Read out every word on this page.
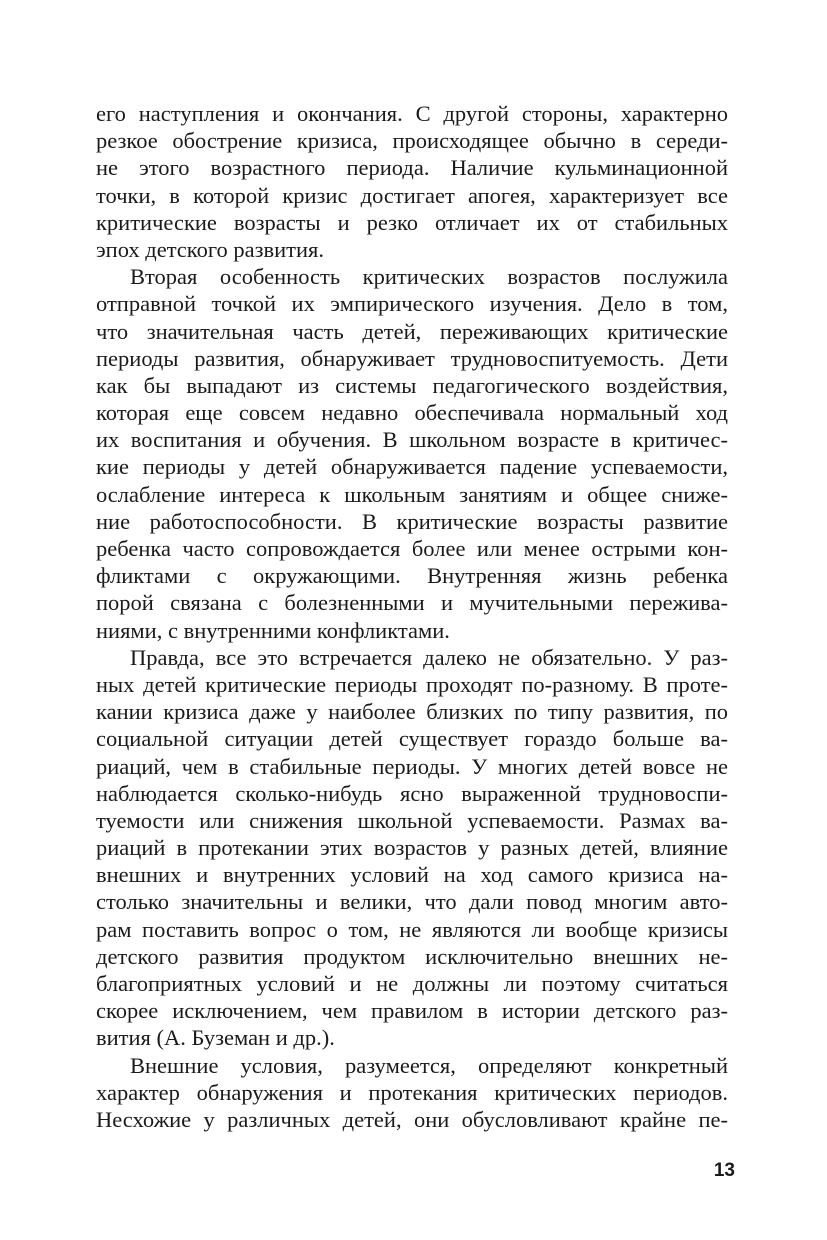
его наступления и окончания. С другой стороны, характерно
резкое обострение кризиса, происходящее обычно в середи-
не этого возрастного периода. Наличие кульминационной
точки, в которой кризис достигает апогея, характеризует все
критические возрасты и резко отличает их от стабильных
эпох детского развития.
Вторая особенность критических возрастов послужила
отправной точкой их эмпирического изучения. Дело в том,
что значительная часть детей, переживающих критические
периоды развития, обнаруживает трудновоспитуемость. Дети
как бы выпадают из системы педагогического воздействия,
которая еще совсем недавно обеспечивала нормальный ход
их воспитания и обучения. В школьном возрасте в критичес-
кие периоды у детей обнаруживается падение успеваемости,
ослабление интереса к школьным занятиям и общее сниже-
ние работоспособности. В критические возрасты развитие
ребенка часто сопровождается более или менее острыми кон-
фликтами с окружающими. Внутренняя жизнь ребенка
порой связана с болезненными и мучительными пережива-
ниями, с внутренними конфликтами.
Правда, все это встречается далеко не обязательно. У раз-
ных детей критические периоды проходят по-разному. В проте-
кании кризиса даже у наиболее близких по типу развития, по
социальной ситуации детей существует гораздо больше ва-
риаций, чем в стабильные периоды. У многих детей вовсе не
наблюдается сколько-нибудь ясно выраженной трудновоспи-
туемости или снижения школьной успеваемости. Размах ва-
риаций в протекании этих возрастов у разных детей, влияние
внешних и внутренних условий на ход самого кризиса на-
столько значительны и велики, что дали повод многим авто-
рам поставить вопрос о том, не являются ли вообще кризисы
детского развития продуктом исключительно внешних не-
благоприятных условий и не должны ли поэтому считаться
скорее исключением, чем правилом в истории детского раз-
вития (А. Буземан и др.).
Внешние условия, разумеется, определяют конкретный
характер обнаружения и протекания критических периодов.
Несхожие у различных детей, они обусловливают крайне пе-
13
